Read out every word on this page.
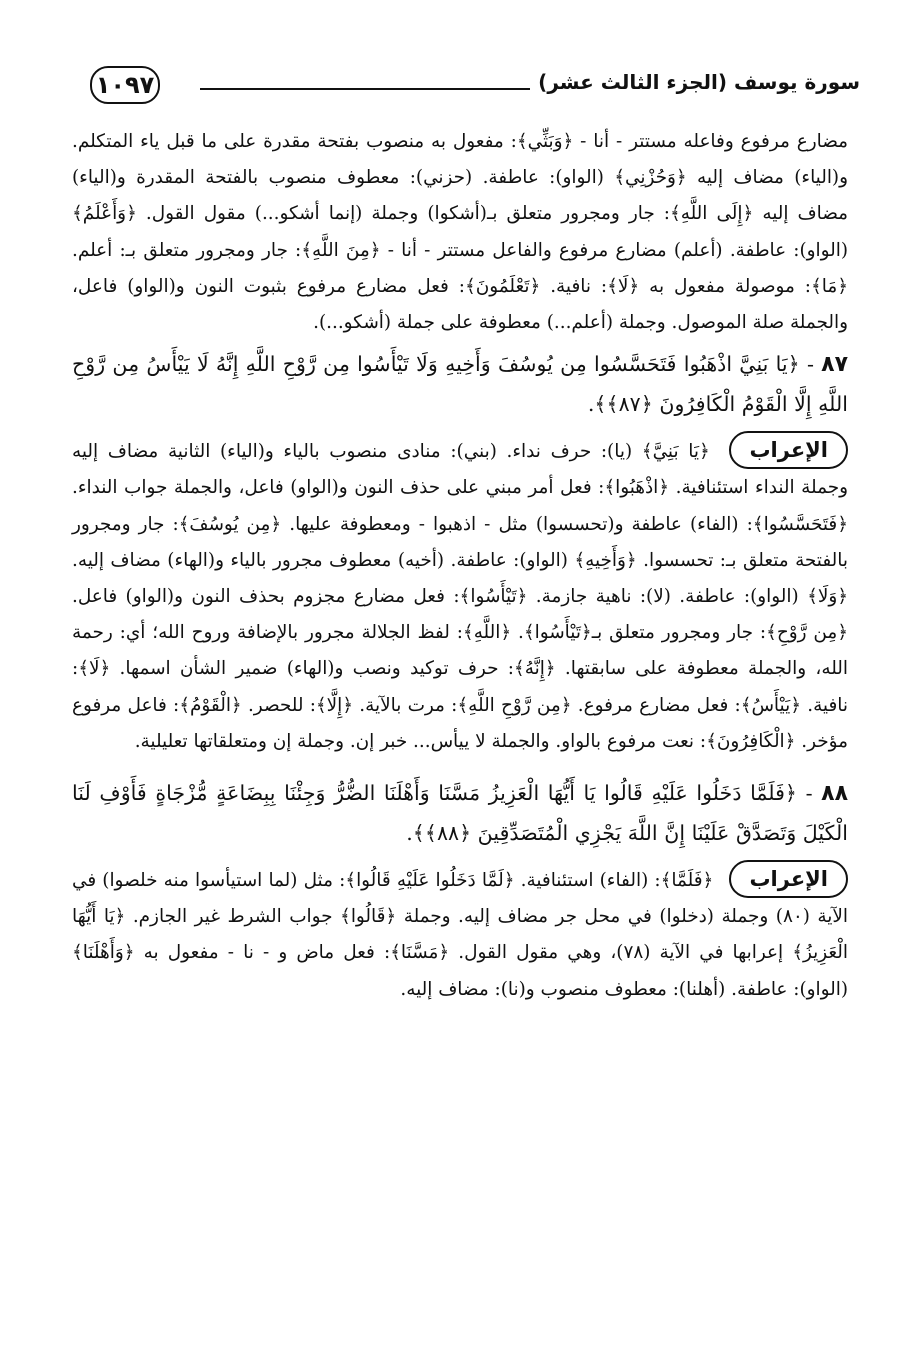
١٠٩٧	سورة يوسف (الجزء الثالث عشر)

مضارع مرفوع وفاعله مستتر - أنا - ﴿وَبَثِّي﴾: مفعول به منصوب بفتحة مقدرة على ما قبل ياء المتكلم. و(الياء) مضاف إليه ﴿وَحُزْنِي﴾ (الواو): عاطفة. (حزني): معطوف منصوب بالفتحة المقدرة و(الياء) مضاف إليه ﴿إِلَى اللَّهِ﴾: جار ومجرور متعلق بـ(أشكوا) وجملة (إنما أشكو...) مقول القول. ﴿وَأَعْلَمُ﴾ (الواو): عاطفة. (أعلم) مضارع مرفوع والفاعل مستتر - أنا - ﴿مِنَ اللَّهِ﴾: جار ومجرور متعلق بـ: أعلم. ﴿مَا﴾: موصولة مفعول به ﴿لَا﴾: نافية. ﴿تَعْلَمُونَ﴾: فعل مضارع مرفوع بثبوت النون و(الواو) فاعل، والجملة صلة الموصول. وجملة (أعلم...) معطوفة على جملة (أشكو...).

٨٧ - ﴿يَا بَنِيَّ اذْهَبُوا فَتَحَسَّسُوا مِن يُوسُفَ وَأَخِيهِ وَلَا تَيْأَسُوا مِن رَّوْحِ اللَّهِ إِنَّهُ لَا يَيْأَسُ مِن رَّوْحِ اللَّهِ إِلَّا الْقَوْمُ الْكَافِرُونَ ﴿٨٧﴾﴾.

الإعراب ﴿يَا بَنِيَّ﴾ (يا): حرف نداء. (بني): منادى منصوب بالياء و(الياء) الثانية مضاف إليه وجملة النداء استئنافية. ﴿اذْهَبُوا﴾: فعل أمر مبني على حذف النون و(الواو) فاعل، والجملة جواب النداء. ﴿فَتَحَسَّسُوا﴾: (الفاء) عاطفة و(تحسسوا) مثل - اذهبوا - ومعطوفة عليها. ﴿مِن يُوسُفَ﴾: جار ومجرور بالفتحة متعلق بـ: تحسسوا. ﴿وَأَخِيهِ﴾ (الواو): عاطفة. (أخيه) معطوف مجرور بالياء و(الهاء) مضاف إليه. ﴿وَلَا﴾ (الواو): عاطفة. (لا): ناهية جازمة. ﴿تَيْأَسُوا﴾: فعل مضارع مجزوم بحذف النون و(الواو) فاعل. ﴿مِن رَّوْحِ﴾: جار ومجرور متعلق بـ﴿تَيْأَسُوا﴾. ﴿اللَّهِ﴾: لفظ الجلالة مجرور بالإضافة وروح الله؛ أي: رحمة الله، والجملة معطوفة على سابقتها. ﴿إِنَّهُ﴾: حرف توكيد ونصب و(الهاء) ضمير الشأن اسمها. ﴿لَا﴾: نافية. ﴿يَيْأَسُ﴾: فعل مضارع مرفوع. ﴿مِن رَّوْحِ اللَّهِ﴾: مرت بالآية. ﴿إِلَّا﴾: للحصر. ﴿الْقَوْمُ﴾: فاعل مرفوع مؤخر. ﴿الْكَافِرُونَ﴾: نعت مرفوع بالواو. والجملة لا ييأس... خبر إن. وجملة إن ومتعلقاتها تعليلية.

٨٨ - ﴿فَلَمَّا دَخَلُوا عَلَيْهِ قَالُوا يَا أَيُّهَا الْعَزِيزُ مَسَّنَا وَأَهْلَنَا الضُّرُّ وَجِئْنَا بِبِضَاعَةٍ مُّزْجَاةٍ فَأَوْفِ لَنَا الْكَيْلَ وَتَصَدَّقْ عَلَيْنَا إِنَّ اللَّهَ يَجْزِي الْمُتَصَدِّقِينَ ﴿٨٨﴾﴾.

الإعراب ﴿فَلَمَّا﴾: (الفاء) استئنافية. ﴿لَمَّا دَخَلُوا عَلَيْهِ قَالُوا﴾: مثل (لما استيأسوا منه خلصوا) في الآية (٨٠) وجملة (دخلوا) في محل جر مضاف إليه. وجملة ﴿قَالُوا﴾ جواب الشرط غير الجازم. ﴿يَا أَيُّهَا الْعَزِيزُ﴾ إعرابها في الآية (٧٨)، وهي مقول القول. ﴿مَسَّنَا﴾: فعل ماض و - نا - مفعول به ﴿وَأَهْلَنَا﴾ (الواو): عاطفة. (أهلنا): معطوف منصوب و(نا): مضاف إليه.
